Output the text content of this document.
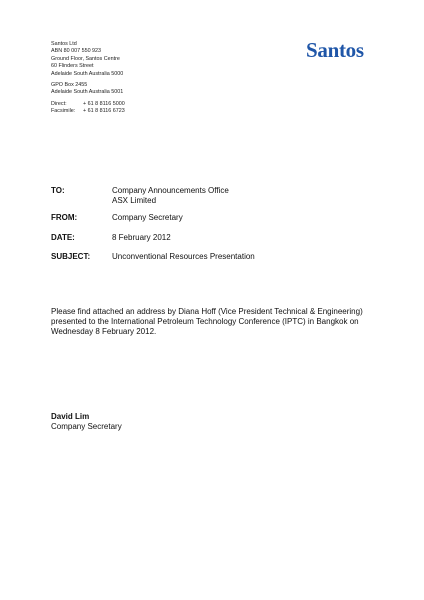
Santos Ltd
ABN 80 007 550 923
Ground Floor, Santos Centre
60 Flinders Street
Adelaide South Australia 5000
GPO Box 2455
Adelaide South Australia 5001
Direct:	+ 61 8 8116 5000
Facsimile:	+ 61 8 8116 6723
Santos
TO:	Company Announcements Office
ASX Limited
FROM:	Company Secretary
DATE:	8 February 2012
SUBJECT:	Unconventional Resources Presentation
Please find attached an address by Diana Hoff (Vice President Technical & Engineering) presented to the International Petroleum Technology Conference (IPTC) in Bangkok on Wednesday 8 February 2012.
David Lim
Company Secretary
